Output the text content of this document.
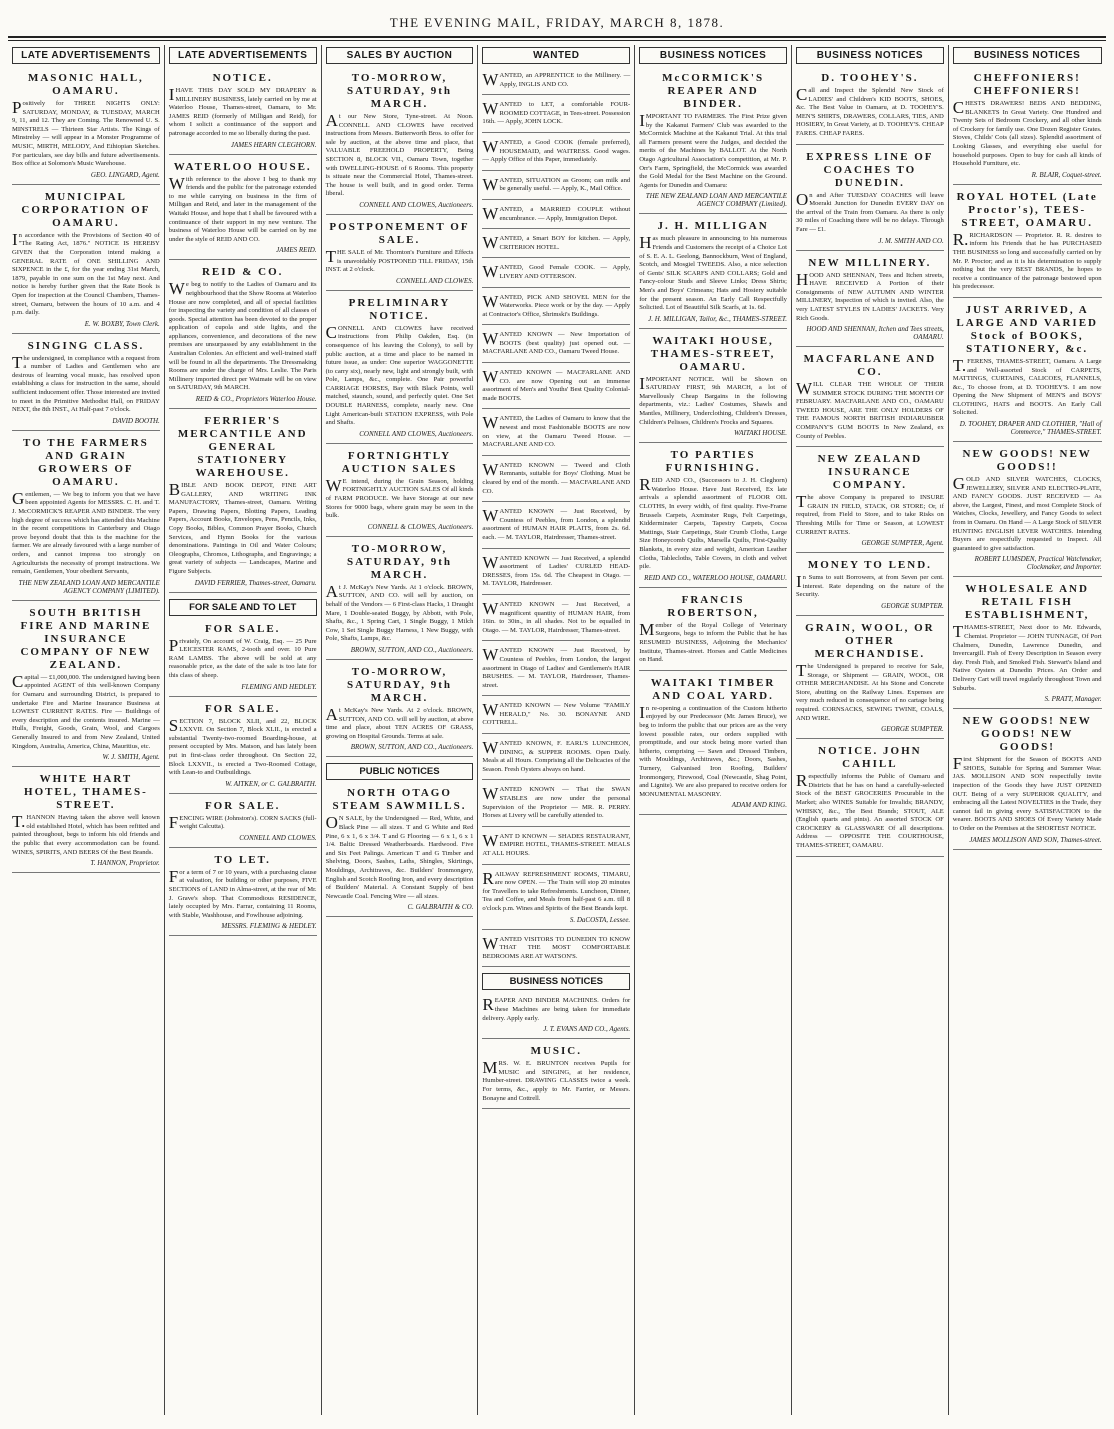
THE EVENING MAIL, FRIDAY, MARCH 8, 1878.
LATE ADVERTISEMENTS
MASONIC HALL, OAMARU.
Positively for THREE NIGHTS ONLY: SATURDAY, MONDAY, & TUESDAY, MARCH 9, 11, and 12. They are Coming. The Renowned U. S. MINSTRELS — Thirteen Star Artists. The Kings of Minstrelsy — will appear in a Monster Programme of MUSIC, MIRTH, MELODY, And Ethiopian Sketches. For particulars, see day bills and future advertisements. Box office at Solomon's Music Warehouse.
GEO. LINGARD, Agent.
MUNICIPAL CORPORATION OF OAMARU.
In accordance with the Provisions of Section 40 of "The Rating Act, 1876." NOTICE IS HEREBY GIVEN that the Corporation intend making a GENERAL RATE of ONE SHILLING AND SIXPENCE in the £, for the year ending 31st March, 1879, payable in one sum on the 1st May next. And notice is hereby further given that the Rate Book is Open for inspection at the Council Chambers, Thames-street, Oamaru, between the hours of 10 a.m. and 4 p.m. daily.
E. W. BOXBY, Town Clerk.
SINGING CLASS.
The undersigned, in compliance with a request from a number of Ladies and Gentlemen who are desirous of learning vocal music, has resolved upon establishing a class for instruction in the same, should sufficient inducement offer. Those interested are invited to meet in the Primitive Methodist Hall, on FRIDAY NEXT, the 8th INST., At Half-past 7 o'clock.
DAVID BOOTH.
TO THE FARMERS AND GRAIN GROWERS OF OAMARU.
Gentlemen, — We beg to inform you that we have been appointed Agents for MESSRS. C. H. and T. J. McCORMICK'S REAPER AND BINDER. The very high degree of success which has attended this Machine in the recent competitions in Canterbury and Otago prove beyond doubt that this is the machine for the farmer. We are already favoured with a large number of orders, and cannot impress too strongly on Agriculturists the necessity of prompt instructions. We remain, Gentlemen, Your obedient Servants,
THE NEW ZEALAND LOAN AND MERCANTILE AGENCY COMPANY (LIMITED).
SOUTH BRITISH FIRE AND MARINE INSURANCE COMPANY OF NEW ZEALAND.
Capital — £1,000,000. The undersigned having been appointed AGENT of this well-known Company for Oamaru and surrounding District, is prepared to undertake Fire and Marine Insurance Business at LOWEST CURRENT RATES. Fire — Buildings of every description and the contents insured. Marine — Hulls, Freight, Goods, Grain, Wool, and Cargoes Generally Insured to and from New Zealand, United Kingdom, Australia, America, China, Mauritius, etc.
W. J. SMITH, Agent.
WHITE HART HOTEL, THAMES-STREET.
T.HANNON Having taken the above well known old established Hotel, which has been refitted and painted throughout, begs to inform his old friends and the public that every accommodation can be found. WINES, SPIRITS, AND BEERS Of the Best Brands.
T. HANNON, Proprietor.
LATE ADVERTISEMENTS
NOTICE.
IHAVE THIS DAY SOLD MY DRAPERY & MILLINERY BUSINESS, lately carried on by me at Waterloo House, Thames-street, Oamaru, to Mr. JAMES REID (formerly of Milligan and Reid), for whom I solicit a continuance of the support and patronage accorded to me so liberally during the past.
JAMES HEARN CLEGHORN.
WATERLOO HOUSE.
With reference to the above I beg to thank my friends and the public for the patronage extended to me while carrying on business in the firm of Milligan and Reid, and later in the management of the Waitaki House, and hope that I shall be favoured with a continuance of their support in my new venture. The business of Waterloo House will be carried on by me under the style of REID AND CO.
JAMES REID.
REID & CO.
We beg to notify to the Ladies of Oamaru and its neighbourhood that the Show Rooms at Waterloo House are now completed, and all of special facilities for inspecting the variety and condition of all classes of goods. Special attention has been devoted to the proper application of cupola and side lights, and the appliances, convenience, and decorations of the new premises are unsurpassed by any establishment in the Australian Colonies. An efficient and well-trained staff will be found in all the departments. The Dressmaking Rooms are under the charge of Mrs. Leslie. The Paris Millinery imported direct per Waimate will be on view on SATURDAY, 9th MARCH.
REID & CO., Proprietors Waterloo House.
FERRIER'S MERCANTILE AND GENERAL STATIONERY WAREHOUSE.
BIBLE AND BOOK DEPOT, FINE ART GALLERY, AND WRITING INK MANUFACTORY, Thames-street, Oamaru. Writing Papers, Drawing Papers, Blotting Papers, Leading Papers, Account Books, Envelopes, Pens, Pencils, Inks, Copy Books, Bibles, Common Prayer Books, Church Services, and Hymn Books for the various denominations. Paintings in Oil and Water Colours; Oleographs, Chromos, Lithographs, and Engravings; a great variety of subjects — Landscapes, Marine and Figure Subjects.
DAVID FERRIER, Thames-street, Oamaru.
FOR SALE AND TO LET
FOR SALE.
Privately, On account of W. Craig, Esq. — 25 Pure LEICESTER RAMS, 2-tooth and over. 10 Pure RAM LAMBS. The above will be sold at any reasonable price, as the date of the sale is too late for this class of sheep.
FLEMING AND HEDLEY.
FOR SALE.
SECTION 7, BLOCK XLII, and 22, BLOCK LXXVII. On Section 7, Block XLII., is erected a substantial Twenty-two-roomed Boarding-house, at present occupied by Mrs. Matson, and has lately been put in first-class order throughout. On Section 22, Block LXXVII., is erected a Two-Roomed Cottage, with Lean-to and Outbuildings.
W. AITKEN, or C. GALBRAITH.
FOR SALE.
FENCING WIRE (Johnston's). CORN SACKS (full-weight Calcutta).
CONNELL AND CLOWES.
TO LET.
For a term of 7 or 10 years, with a purchasing clause at valuation, for building or other purposes, FIVE SECTIONS of LAND in Alma-street, at the rear of Mr. J. Grave's shop. That Commodious RESIDENCE, lately occupied by Mrs. Farrar, containing 11 Rooms, with Stable, Washhouse, and Fowlhouse adjoining.
MESSRS. FLEMING & HEDLEY.
SALES BY AUCTION
TO-MORROW, SATURDAY, 9th MARCH.
At our New Store, Tyne-street. At Noon. CONNELL AND CLOWES have received instructions from Messrs. Butterworth Bros. to offer for sale by auction, at the above time and place, that VALUABLE FREEHOLD PROPERTY, Being SECTION 8, BLOCK VII., Oamaru Town, together with DWELLING-HOUSE of 6 Rooms. This property is situate near the Commercial Hotel, Thames-street. The house is well built, and in good order. Terms liberal.
CONNELL AND CLOWES, Auctioneers.
POSTPONEMENT OF SALE.
THE SALE of Mr. Thornton's Furniture and Effects is unavoidably POSTPONED TILL FRIDAY, 15th INST. at 2 o'clock.
CONNELL AND CLOWES.
PRELIMINARY NOTICE.
CONNELL AND CLOWES have received instructions from Philip Oakden, Esq. (in consequence of his leaving the Colony), to sell by public auction, at a time and place to be named in future issue, as under: One superior WAGGONETTE (to carry six), nearly new, light and strongly built, with Pole, Lamps, &c., complete. One Pair powerful CARRIAGE HORSES, Bay with Black Points, well matched, staunch, sound, and perfectly quiet. One Set DOUBLE HARNESS, complete, nearly new. One Light American-built STATION EXPRESS, with Pole and Shafts.
CONNELL AND CLOWES, Auctioneers.
FORTNIGHTLY AUCTION SALES
WE intend, during the Grain Season, holding FORTNIGHTLY AUCTION SALES Of all kinds of FARM PRODUCE. We have Storage at our new Stores for 9000 bags, where grain may be seen in the bulk.
CONNELL & CLOWES, Auctioneers.
TO-MORROW, SATURDAY, 9th MARCH.
At J. McKay's New Yards. At 1 o'clock. BROWN, SUTTON, AND CO. will sell by auction, on behalf of the Vendors — 6 First-class Hacks, 1 Draught Mare, 1 Double-seated Buggy, by Abbott, with Pole, Shafts, &c., 1 Spring Cart, 1 Single Buggy, 1 Milch Cow, 1 Set Single Buggy Harness, 1 New Buggy, with Pole, Shafts, Lamps, &c.
BROWN, SUTTON, AND CO., Auctioneers.
TO-MORROW, SATURDAY, 9th MARCH.
At McKay's New Yards. At 2 o'clock. BROWN, SUTTON, AND CO. will sell by auction, at above time and place, about TEN ACRES OF GRASS, growing on Hospital Grounds. Terms at sale.
BROWN, SUTTON, AND CO., Auctioneers.
PUBLIC NOTICES
NORTH OTAGO STEAM SAWMILLS.
ON SALE, by the Undersigned — Red, White, and Black Pine — all sizes. T and G White and Red Pine, 6 x 1, 6 x 3/4. T and G Flooring — 6 x 1, 6 x 1 1/4. Baltic Dressed Weatherboards. Hardwood. Five and Six Feet Palings. American T and G Timber and Shelving, Doors, Sashes, Laths, Shingles, Skirtings, Mouldings, Architraves, &c. Builders' Ironmongery, English and Scotch Roofing Iron, and every description of Builders' Material. A Constant Supply of best Newcastle Coal. Fencing Wire — all sizes.
C. GALBRAITH & CO.
WANTED
WANTED, an APPRENTICE to the Millinery. — Apply, INGLIS AND CO.
WANTED to LET, a comfortable FOUR-ROOMED COTTAGE, in Tees-street. Possession 16th. — Apply, JOHN LOCK.
WANTED, a Good COOK (female preferred), HOUSEMAID, and WAITRESS. Good wages. — Apply Office of this Paper, immediately.
WANTED, SITUATION as Groom; can milk and be generally useful. — Apply, K., Mail Office.
WANTED, a MARRIED COUPLE without encumbrance. — Apply, Immigration Depot.
WANTED, a Smart BOY for kitchen. — Apply, CRITERION HOTEL.
WANTED, Good Female COOK. — Apply, LIVERY AND OTTERSON.
WANTED, PICK AND SHOVEL MEN for the Waterworks. Piece work or by the day. — Apply at Contractor's Office, Shrimski's Buildings.
WANTED KNOWN — New Importation of BOOTS (best quality) just opened out. — MACFARLANE AND CO., Oamaru Tweed House.
WANTED KNOWN — MACFARLANE AND CO. are now Opening out an immense assortment of Men's and Youths' Best Quality Colonial-made BOOTS.
WANTED, the Ladies of Oamaru to know that the newest and most Fashionable BOOTS are now on view, at the Oamaru Tweed House. — MACFARLANE AND CO.
WANTED KNOWN — Tweed and Cloth Remnants, suitable for Boys' Clothing. Must be cleared by end of the month. — MACFARLANE AND CO.
WANTED KNOWN — Just Received, by Countess of Peebles, from London, a splendid assortment of HUMAN HAIR PLAITS, from 2s. 6d. each. — M. TAYLOR, Hairdresser, Thames-street.
WANTED KNOWN — Just Received, a splendid assortment of Ladies' CURLED HEAD-DRESSES, from 15s. 6d. The Cheapest in Otago. — M. TAYLOR, Hairdresser.
WANTED KNOWN — Just Received, a magnificent quantity of HUMAN HAIR, from 16in. to 30in., in all shades. Not to be equalled in Otago. — M. TAYLOR, Hairdresser, Thames-street.
WANTED KNOWN — Just Received, by Countess of Peebles, from London, the largest assortment in Otago of Ladies' and Gentlemen's HAIR BRUSHES. — M. TAYLOR, Hairdresser, Thames-street.
WANTED KNOWN — New Volume "FAMILY HERALD," No. 30. BONAYNE AND COTTRELL.
WANTED KNOWN, F. EARL'S LUNCHEON, DINING, & SUPPER ROOMS. Open Daily. Meals at all Hours. Comprising all the Delicacies of the Season. Fresh Oysters always on hand.
WANTED KNOWN — That the SWAN STABLES are now under the personal Supervision of the Proprietor — MR. R. PERRY. Horses at Livery will be carefully attended to.
WANT D KNOWN — SHADES RESTAURANT, EMPIRE HOTEL, THAMES-STREET. MEALS AT ALL HOURS.
RAILWAY REFRESHMENT ROOMS, TIMARU, are now OPEN. — The Train will stop 20 minutes for Travellers to take Refreshments. Luncheon, Dinner, Tea and Coffee, and Meals from half-past 6 a.m. till 8 o'clock p.m. Wines and Spirits of the Best Brands kept.
S. DaCOSTA, Lessee.
WANTED VISITORS TO DUNEDIN TO KNOW THAT THE MOST COMFORTABLE BEDROOMS ARE AT WATSON'S.
BUSINESS NOTICES
REAPER AND BINDER MACHINES. Orders for these Machines are being taken for immediate delivery. Apply early.
J. T. EVANS AND CO., Agents.
MUSIC.
MRS. W. E. BRUNTON receives Pupils for MUSIC and SINGING, at her residence, Humber-street. DRAWING CLASSES twice a week. For terms, &c., apply to Mr. Farrier, or Messrs. Bonayne and Cottrell.
BUSINESS NOTICES
McCORMICK'S REAPER AND BINDER.
IMPORTANT TO FARMERS. The First Prize given by the Kakanui Farmers' Club was awarded to the McCormick Machine at the Kakanui Trial. At this trial all Farmers present were the Judges, and decided the merits of the Machines by BALLOT. At the North Otago Agricultural Association's competition, at Mr. P. Orr's Farm, Springfield, the McCormick was awarded the Gold Medal for the Best Machine on the Ground. Agents for Dunedin and Oamaru:
THE NEW ZEALAND LOAN AND MERCANTILE AGENCY COMPANY (Limited).
J. H. MILLIGAN
Has much pleasure in announcing to his numerous Friends and Customers the receipt of a Choice Lot of S. E. A. L. Geelong, Bannockburn, West of England, Scotch, and Mosgiel TWEEDS. Also, a nice selection of Gents' SILK SCARFS AND COLLARS; Gold and Fancy-colour Studs and Sleeve Links; Dress Shirts; Men's and Boys' Crimeans; Hats and Hosiery suitable for the present season. An Early Call Respectfully Solicited. Lot of Beautiful Silk Scarfs, at 1s. 6d.
J. H. MILLIGAN, Tailor, &c., THAMES-STREET.
WAITAKI HOUSE, THAMES-STREET, OAMARU.
IMPORTANT NOTICE. Will be Shown on SATURDAY FIRST, 9th MARCH, a lot of Marvellously Cheap Bargains in the following departments, viz.: Ladies' Costumes, Shawls and Mantles, Millinery, Underclothing, Children's Dresses, Children's Pelisses, Children's Frocks and Squares.
WAITAKI HOUSE.
TO PARTIES FURNISHING.
REID AND CO., (Successors to J. H. Cleghorn) Waterloo House. Have Just Received, Ex late arrivals a splendid assortment of FLOOR OIL CLOTHS, In every width, of first quality. Five-Frame Brussels Carpets, Axminster Rugs, Felt Carpetings, Kidderminster Carpets, Tapestry Carpets, Cocoa Mattings, Stair Carpetings, Stair Crumb Cloths, Large Size Honeycomb Quilts, Marsella Quilts, First-Quality Blankets, in every size and weight, American Leather Cloths, Tablecloths, Table Covers, in cloth and velvet pile.
REID AND CO., WATERLOO HOUSE, OAMARU.
FRANCIS ROBERTSON,
Member of the Royal College of Veterinary Surgeons, begs to inform the Public that he has RESUMED BUSINESS, Adjoining the Mechanics' Institute, Thames-street. Horses and Cattle Medicines on Hand.
WAITAKI TIMBER AND COAL YARD.
In re-opening a continuation of the Custom hitherto enjoyed by our Predecessor (Mr. James Bruce), we beg to inform the public that our prices are as the very lowest possible rates, our orders supplied with promptitude, and our stock being more varied than hitherto, comprising — Sawn and Dressed Timbers, with Mouldings, Architraves, &c.; Doors, Sashes, Turnery, Galvanised Iron Roofing, Builders' Ironmongery, Firewood, Coal (Newcastle, Shag Point, and Lignite). We are also prepared to receive orders for MONUMENTAL MASONRY.
ADAM AND KING.
BUSINESS NOTICES
D. TOOHEY'S.
Call and Inspect the Splendid New Stock of LADIES' and Children's KID BOOTS, SHOES, &c. The Best Value in Oamaru, at D. TOOHEY'S. MEN'S SHIRTS, DRAWERS, COLLARS, TIES, AND HOSIERY, In Great Variety, at D. TOOHEY'S. CHEAP FARES. CHEAP FARES.
EXPRESS LINE OF COACHES TO DUNEDIN.
On and After TUESDAY COACHES will leave Moeraki Junction for Dunedin EVERY DAY on the arrival of the Train from Oamaru. As there is only 30 miles of Coaching there will be no delays. Through Fare — £1.
J. M. SMITH AND CO.
NEW MILLINERY.
HOOD AND SHENNAN, Tees and Itchen streets, HAVE RECEIVED A Portion of their Consignments of NEW AUTUMN AND WINTER MILLINERY, Inspection of which is invited. Also, the very LATEST STYLES IN LADIES' JACKETS. Very Rich Goods.
HOOD AND SHENNAN, Itchen and Tees streets, OAMARU.
MACFARLANE AND CO.
WILL CLEAR THE WHOLE OF THEIR SUMMER STOCK DURING THE MONTH OF FEBRUARY. MACFARLANE AND CO., OAMARU TWEED HOUSE, ARE THE ONLY HOLDERS OF THE FAMOUS NORTH BRITISH INDIARUBBER COMPANY'S GUM BOOTS In New Zealand, ex County of Peebles.
NEW ZEALAND INSURANCE COMPANY.
The above Company is prepared to INSURE GRAIN IN FIELD, STACK, OR STORE; Or, if required, from Field to Store, and to take Risks on Threshing Mills for Time or Season, at LOWEST CURRENT RATES.
GEORGE SUMPTER, Agent.
MONEY TO LEND.
In Sums to suit Borrowers, at from Seven per cent. interest. Rate depending on the nature of the Security.
GEORGE SUMPTER.
GRAIN, WOOL, OR OTHER MERCHANDISE.
The Undersigned is prepared to receive for Sale, Storage, or Shipment — GRAIN, WOOL, OR OTHER MERCHANDISE. At his Stone and Concrete Store, abutting on the Railway Lines. Expenses are very much reduced in consequence of no cartage being required. CORNSACKS, SEWING TWINE, COALS, AND WIRE.
GEORGE SUMPTER.
NOTICE. JOHN CAHILL
Respectfully informs the Public of Oamaru and Districts that he has on hand a carefully-selected Stock of the BEST GROCERIES Procurable in the Market; also WINES Suitable for Invalids; BRANDY, WHISKY, &c., The Best Brands; STOUT, ALE (English quarts and pints). An assorted STOCK OF CROCKERY & GLASSWARE Of all descriptions. Address — OPPOSITE THE COURTHOUSE, THAMES-STREET, OAMARU.
BUSINESS NOTICES
CHEFFONIERS! CHEFFONIERS!
CHESTS DRAWERS! BEDS AND BEDDING, BLANKETS In Great Variety. One Hundred and Twenty Sets of Bedroom Crockery, and all other kinds of Crockery for family use. One Dozen Register Grates. Stoves, Childs' Cots (all sizes). Splendid assortment of Looking Glasses, and everything else useful for household purposes. Open to buy for cash all kinds of Household Furniture, etc.
R. BLAIR, Coquet-street.
ROYAL HOTEL (Late Proctor's), TEES-STREET, OAMARU.
R.RICHARDSON — Proprietor. R. R. desires to inform his Friends that he has PURCHASED THE BUSINESS so long and successfully carried on by Mr. P. Proctor; and as it is his determination to supply nothing but the very BEST BRANDS, he hopes to receive a continuance of the patronage bestowed upon his predecessor.
JUST ARRIVED, A LARGE AND VARIED Stock of BOOKS, STATIONERY, &c.
T.FERENS, THAMES-STREET, Oamaru. A Large and Well-assorted Stock of CARPETS, MATTINGS, CURTAINS, CALICOES, FLANNELS, &c., To choose from, at D. TOOHEY'S. I am now Opening the New Shipment of MEN'S and BOYS' CLOTHING, HATS and BOOTS. An Early Call Solicited.
D. TOOHEY, DRAPER AND CLOTHIER, "Hall of Commerce," THAMES-STREET.
NEW GOODS! NEW GOODS!!
GOLD AND SILVER WATCHES, CLOCKS, JEWELLERY, SILVER AND ELECTRO-PLATE, AND FANCY GOODS. JUST RECEIVED — As above, the Largest, Finest, and most Complete Stock of Watches, Clocks, Jewellery, and Fancy Goods to select from in Oamaru. On Hand — A Large Stock of SILVER HUNTING ENGLISH LEVER WATCHES. Intending Buyers are respectfully requested to Inspect. All guaranteed to give satisfaction.
ROBERT LUMSDEN, Practical Watchmaker, Clockmaker, and Importer.
WHOLESALE AND RETAIL FISH ESTABLISHMENT,
THAMES-STREET, Next door to Mr. Edwards, Chemist. Proprietor — JOHN TUNNAGE, Of Port Chalmers, Dunedin, Lawrence Dunedin, and Invercargill. Fish of Every Description in Season every day. Fresh Fish, and Smoked Fish. Stewart's Island and Native Oysters at Dunedin Prices. An Order and Delivery Cart will travel regularly throughout Town and Suburbs.
S. PRATT, Manager.
NEW GOODS! NEW GOODS! NEW GOODS!
First Shipment for the Season of BOOTS AND SHOES, Suitable for Spring and Summer Wear. JAS. MOLLISON AND SON respectfully invite inspection of the Goods they have JUST OPENED OUT. Being of a very SUPERIOR QUALITY, and embracing all the Latest NOVELTIES in the Trade, they cannot fail in giving every SATISFACTION to the wearer. BOOTS AND SHOES Of Every Variety Made to Order on the Premises at the SHORTEST NOTICE.
JAMES MOLLISON AND SON, Thames-street.
